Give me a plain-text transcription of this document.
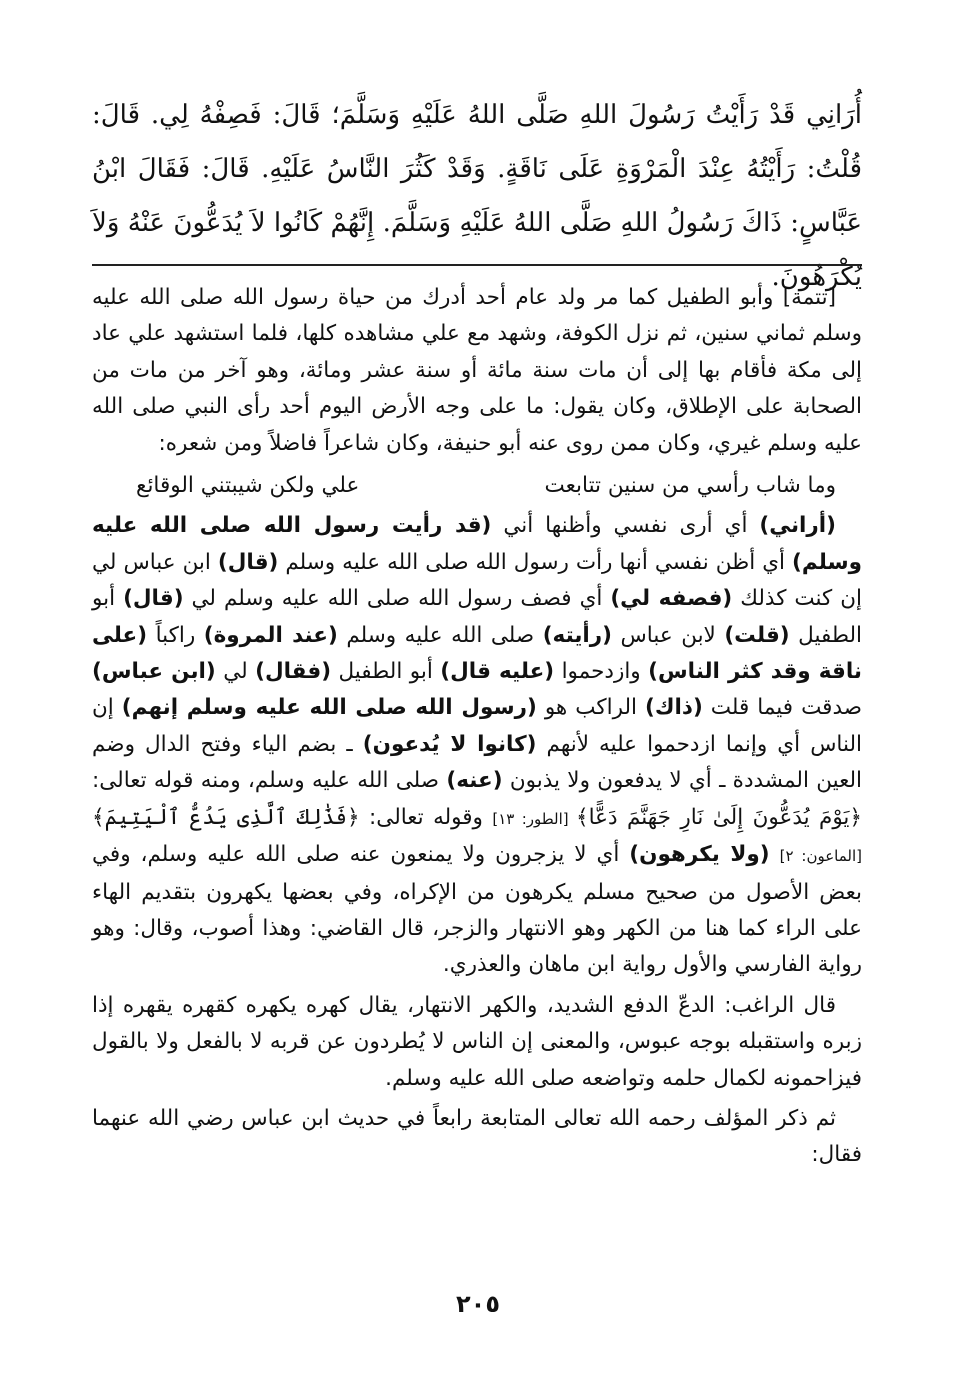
أُرَانِي قَدْ رَأَيْتُ رَسُولَ اللهِ صَلَّى اللهُ عَلَيْهِ وَسَلَّمَ؛ قَالَ: فَصِفْهُ لِي. قَالَ: قُلْتُ: رَأَيْتُهُ عِنْدَ الْمَرْوَةِ عَلَى نَاقَةٍ. وَقَدْ كَثُرَ النَّاسُ عَلَيْهِ. قَالَ: فَقَالَ ابْنُ عَبَّاسٍ: ذَاكَ رَسُولُ اللهِ صَلَّى اللهُ عَلَيْهِ وَسَلَّمَ. إِنَّهُمْ كَانُوا لاَ يُدَعُّونَ عَنْهُ وَلاَ يُكْرَهُونَ.

[تتمة] وأبو الطفيل كما مر ولد عام أحد أدرك من حياة رسول الله صلى الله عليه وسلم ثماني سنين، ثم نزل الكوفة، وشهد مع علي مشاهده كلها، فلما استشهد علي عاد إلى مكة فأقام بها إلى أن مات سنة مائة أو سنة عشر ومائة، وهو آخر من مات من الصحابة على الإطلاق، وكان يقول: ما على وجه الأرض اليوم أحد رأى النبي صلى الله عليه وسلم غيري، وكان ممن روى عنه أبو حنيفة، وكان شاعراً فاضلاً ومن شعره:

وما شاب رأسي من سنين تتابعت
علي ولكن شيبتني الوقائع

(أراني) أي أرى نفسي وأظنها أني (قد رأيت رسول الله صلى الله عليه وسلم) أي أظن نفسي أنها رأت رسول الله صلى الله عليه وسلم (قال) ابن عباس لي إن كنت كذلك (فصفه لي) أي فصف رسول الله صلى الله عليه وسلم لي (قال) أبو الطفيل (قلت) لابن عباس (رأيته) صلى الله عليه وسلم (عند المروة) راكباً (على ناقة وقد كثر الناس) وازدحموا (عليه قال) أبو الطفيل (فقال) لي (ابن عباس) صدقت فيما قلت (ذاك) الراكب هو (رسول الله صلى الله عليه وسلم إنهم) إن الناس أي وإنما ازدحموا عليه لأنهم (كانوا لا يُدعون) ـ بضم الياء وفتح الدال وضم العين المشددة ـ أي لا يدفعون ولا يذبون (عنه) صلى الله عليه وسلم، ومنه قوله تعالى: ﴿يَوْمَ يُدَعُّونَ إِلَىٰ نَارِ جَهَنَّمَ دَعًّا﴾ [الطور: ١٣] وقوله تعالى: ﴿فَذَٰلِكَ ٱلَّذِى يَدُعُّ ٱلْيَتِيمَ﴾ [الماعون: ٢] (ولا يكرهون) أي لا يزجرون ولا يمنعون عنه صلى الله عليه وسلم، وفي بعض الأصول من صحيح مسلم يكرهون من الإكراه، وفي بعضها يكهرون بتقديم الهاء على الراء كما هنا من الكهر وهو الانتهار والزجر، قال القاضي: وهذا أصوب، وقال: وهو رواية الفارسي والأول رواية ابن ماهان والعذري.

قال الراغب: الدعّ الدفع الشديد، والكهر الانتهار، يقال كهره يكهره كقهره يقهره إذا زبره واستقبله بوجه عبوس، والمعنى إن الناس لا يُطردون عن قربه لا بالفعل ولا بالقول فيزاحمونه لكمال حلمه وتواضعه صلى الله عليه وسلم.

ثم ذكر المؤلف رحمه الله تعالى المتابعة رابعاً في حديث ابن عباس رضي الله عنهما فقال:

٢٠٥
